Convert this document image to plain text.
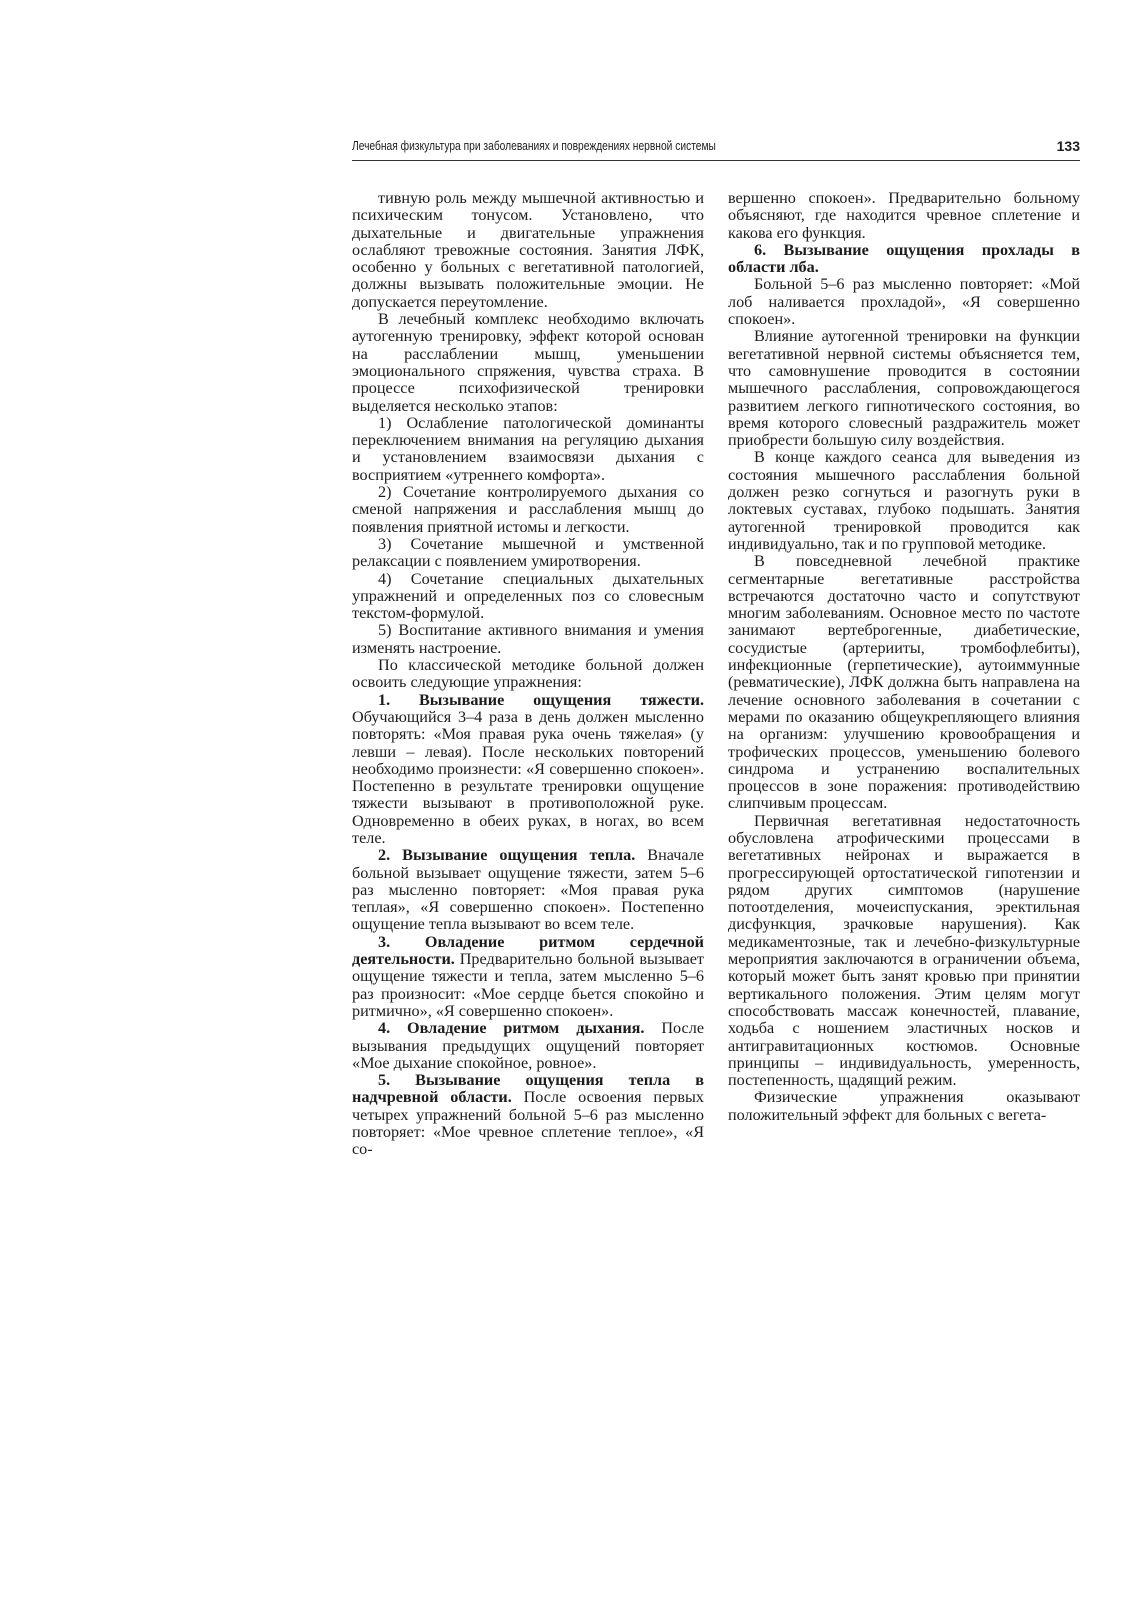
Лечебная физкультура при заболеваниях и повреждениях нервной системы	133

тивную роль между мышечной активностью и психическим тонусом. Установлено, что дыхательные и двигательные упражнения ослабляют тревожные состояния. Занятия ЛФК, особенно у больных с вегетативной патологией, должны вызывать положительные эмоции. Не допускается переутомление.

В лечебный комплекс необходимо включать аутогенную тренировку, эффект которой основан на расслаблении мышц, уменьшении эмоционального спряжения, чувства страха. В процессе психофизической тренировки выделяется несколько этапов:

1) Ослабление патологической доминанты переключением внимания на регуляцию дыхания и установлением взаимосвязи дыхания с восприятием «утреннего комфорта».

2) Сочетание контролируемого дыхания со сменой напряжения и расслабления мышц до появления приятной истомы и легкости.

3) Сочетание мышечной и умственной релаксации с появлением умиротворения.

4) Сочетание специальных дыхательных упражнений и определенных поз со словесным текстом-формулой.

5) Воспитание активного внимания и умения изменять настроение.

По классической методике больной должен освоить следующие упражнения:

1. Вызывание ощущения тяжести. Обучающийся 3–4 раза в день должен мысленно повторять: «Моя правая рука очень тяжелая» (у левши – левая). После нескольких повторений необходимо произнести: «Я совершенно спокоен». Постепенно в результате тренировки ощущение тяжести вызывают в противоположной руке. Одновременно в обеих руках, в ногах, во всем теле.

2. Вызывание ощущения тепла. Вначале больной вызывает ощущение тяжести, затем 5–6 раз мысленно повторяет: «Моя правая рука теплая», «Я совершенно спокоен». Постепенно ощущение тепла вызывают во всем теле.

3. Овладение ритмом сердечной деятельности. Предварительно больной вызывает ощущение тяжести и тепла, затем мысленно 5–6 раз произносит: «Мое сердце бьется спокойно и ритмично», «Я совершенно спокоен».

4. Овладение ритмом дыхания. После вызывания предыдущих ощущений повторяет «Мое дыхание спокойное, ровное».

5. Вызывание ощущения тепла в надчревной области. После освоения первых четырех упражнений больной 5–6 раз мысленно повторяет: «Мое чревное сплетение теплое», «Я со-

вершенно спокоен». Предварительно больному объясняют, где находится чревное сплетение и какова его функция.

6. Вызывание ощущения прохлады в области лба.

Больной 5–6 раз мысленно повторяет: «Мой лоб наливается прохладой», «Я совершенно спокоен».

Влияние аутогенной тренировки на функции вегетативной нервной системы объясняется тем, что самовнушение проводится в состоянии мышечного расслабления, сопровождающегося развитием легкого гипнотического состояния, во время которого словесный раздражитель может приобрести большую силу воздействия.

В конце каждого сеанса для выведения из состояния мышечного расслабления больной должен резко согнуться и разогнуть руки в локтевых суставах, глубоко подышать. Занятия аутогенной тренировкой проводится как индивидуально, так и по групповой методике.

В повседневной лечебной практике сегментарные вегетативные расстройства встречаются достаточно часто и сопутствуют многим заболеваниям. Основное место по частоте занимают вертеброгенные, диабетические, сосудистые (артерииты, тромбофлебиты), инфекционные (герпетические), аутоиммунные (ревматические), ЛФК должна быть направлена на лечение основного заболевания в сочетании с мерами по оказанию общеукрепляющего влияния на организм: улучшению кровообращения и трофических процессов, уменьшению болевого синдрома и устранению воспалительных процессов в зоне поражения: противодействию слипчивым процессам.

Первичная вегетативная недостаточность обусловлена атрофическими процессами в вегетативных нейронах и выражается в прогрессирующей ортостатической гипотензии и рядом других симптомов (нарушение потоотделения, мочеиспускания, эректильная дисфункция, зрачковые нарушения). Как медикаментозные, так и лечебно-физкультурные мероприятия заключаются в ограничении объема, который может быть занят кровью при принятии вертикального положения. Этим целям могут способствовать массаж конечностей, плавание, ходьба с ношением эластичных носков и антигравитационных костюмов. Основные принципы – индивидуальность, умеренность, постепенность, щадящий режим.

Физические упражнения оказывают положительный эффект для больных с вегета-
